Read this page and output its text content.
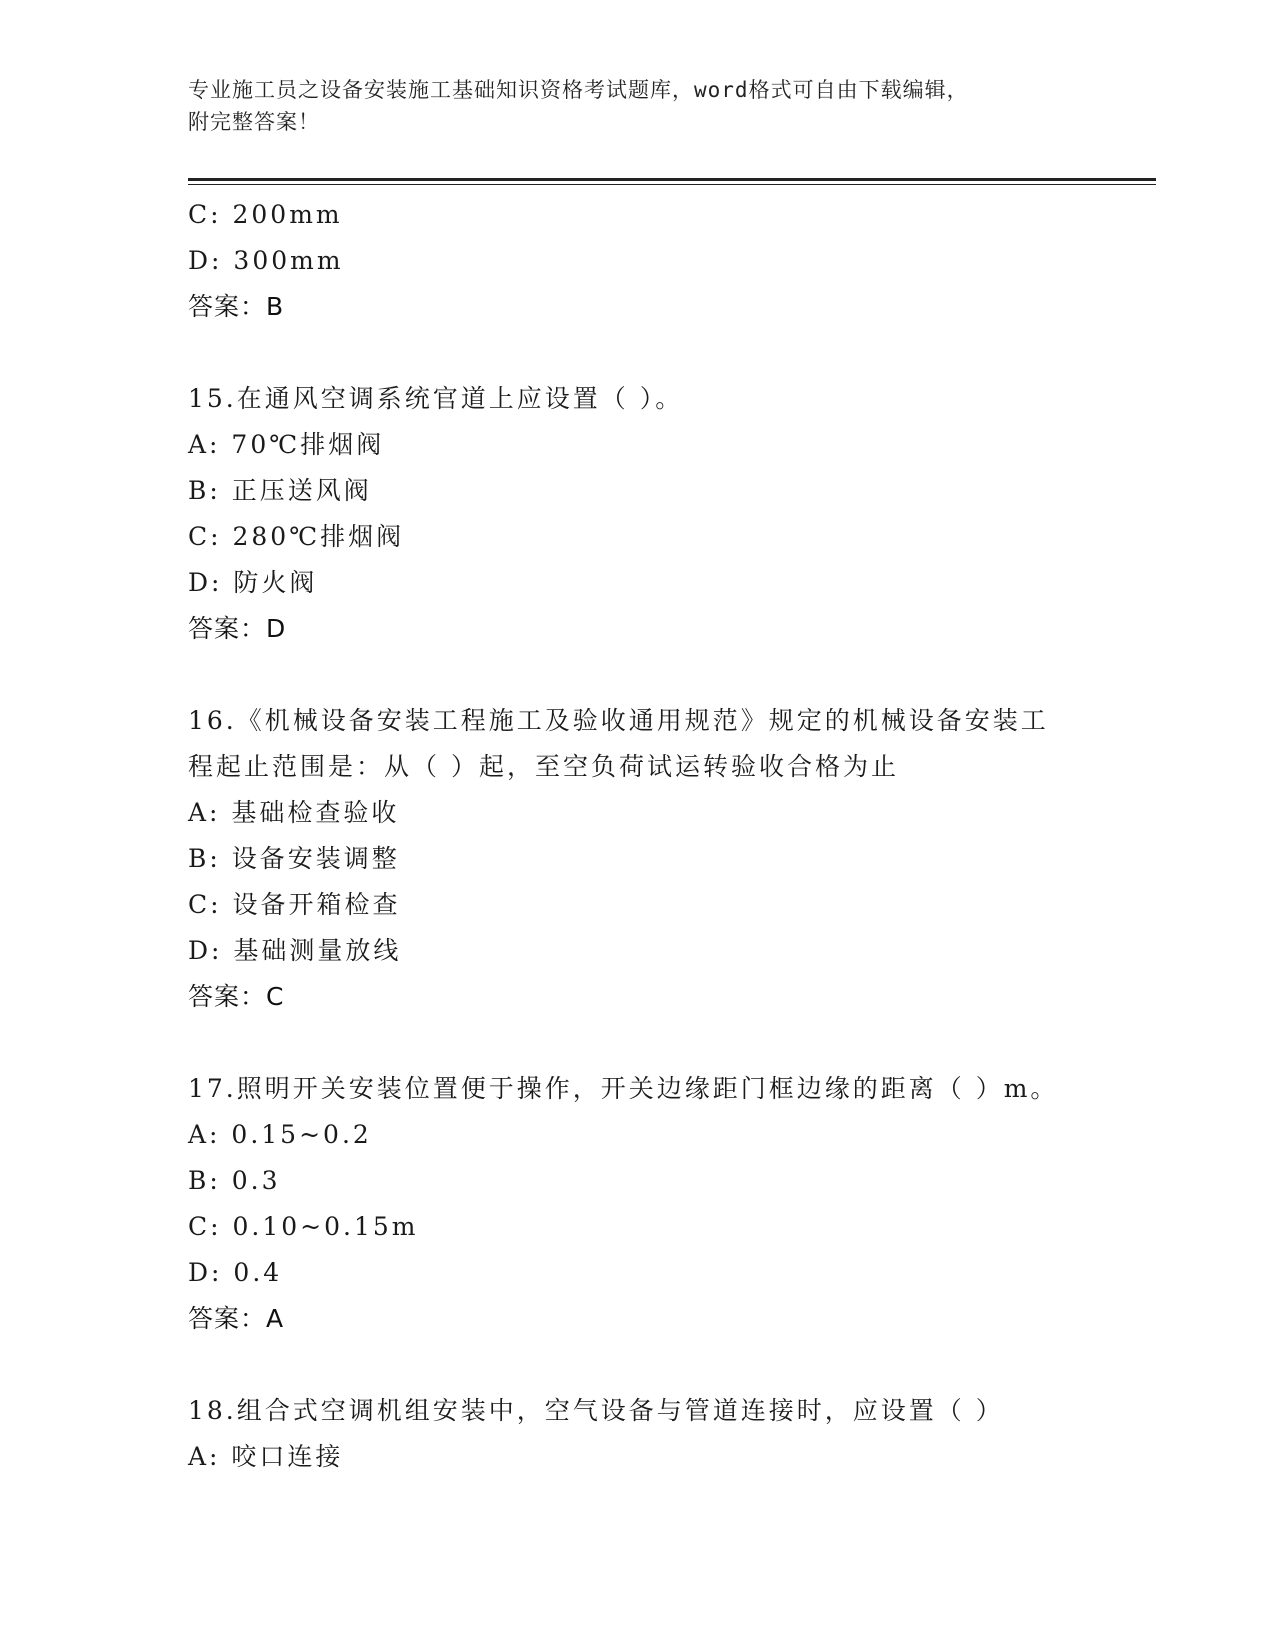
专业施工员之设备安装施工基础知识资格考试题库，word格式可自由下载编辑，
附完整答案！
C: 200mm
D: 300mm
答案：B
15.在通风空调系统官道上应设置（ ）。
A: 70℃排烟阀
B: 正压送风阀
C: 280℃排烟阀
D: 防火阀
答案：D
16.《机械设备安装工程施工及验收通用规范》规定的机械设备安装工
程起止范围是：从（ ）起，至空负荷试运转验收合格为止
A: 基础检查验收
B: 设备安装调整
C: 设备开箱检查
D: 基础测量放线
答案：C
17.照明开关安装位置便于操作，开关边缘距门框边缘的距离（ ）m。
A: 0.15~0.2
B: 0.3
C: 0.10~0.15m
D: 0.4
答案：A
18.组合式空调机组安装中，空气设备与管道连接时，应设置（ ）
A: 咬口连接
